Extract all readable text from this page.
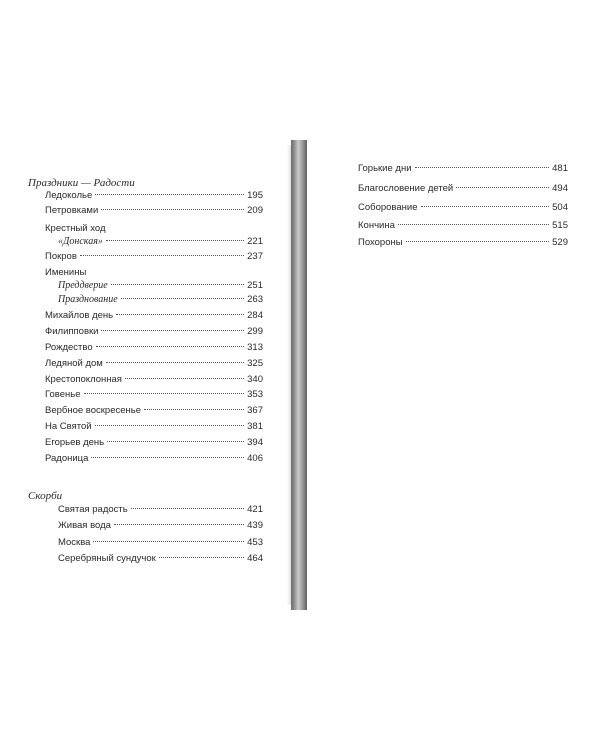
Праздники — Радости
Ледоколье	195
Петровками	209
Крестный ход
«Донская»	221
Покров	237
Именины
Преддверие	251
Празднование	263
Михайлов день	284
Филипповки	299
Рождество	313
Ледяной дом	325
Крестопоклонная	340
Говенье	353
Вербное воскресенье	367
На Святой	381
Егорьев день	394
Радоница	406
Скорби
Святая радость	421
Живая вода	439
Москва	453
Серебряный сундучок	464
Горькие дни	481
Благословение детей	494
Соборование	504
Кончина	515
Похороны	529
